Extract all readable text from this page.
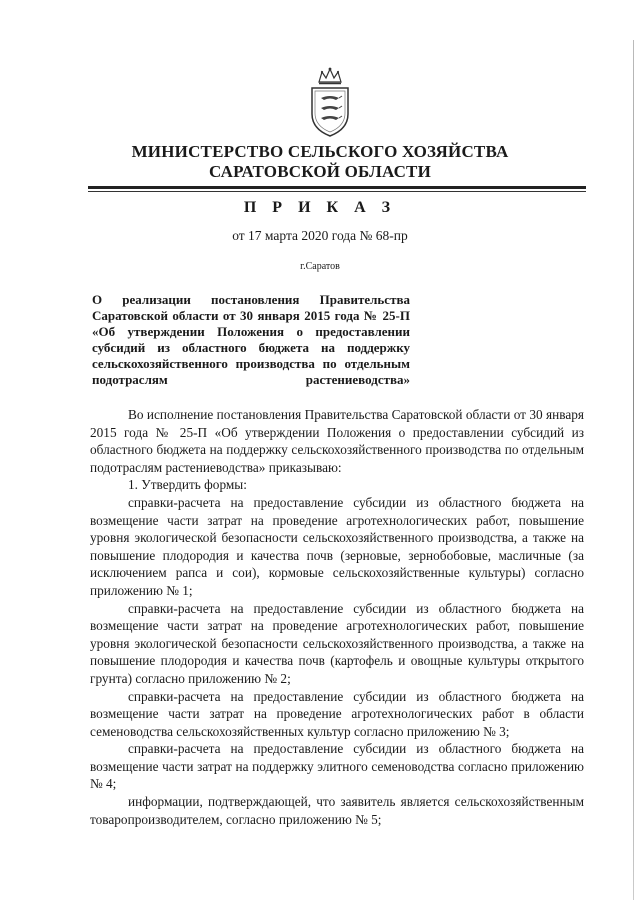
МИНИСТЕРСТВО СЕЛЬСКОГО ХОЗЯЙСТВА
САРАТОВСКОЙ ОБЛАСТИ
П Р И К А З
от 17 марта 2020 года № 68-пр
г.Саратов
О реализации постановления Правительства Саратовской области от 30 января 2015 года № 25-П «Об утверждении Положения о предоставлении субсидий из областного бюджета на поддержку сельскохозяйственного производства по отдельным подотраслям растениеводства»

Во исполнение постановления Правительства Саратовской области от 30 января 2015 года № 25-П «Об утверждении Положения о предоставлении субсидий из областного бюджета на поддержку сельскохозяйственного производства по отдельным подотраслям растениеводства» приказываю:

1. Утвердить формы:

справки-расчета на предоставление субсидии из областного бюджета на возмещение части затрат на проведение агротехнологических работ, повышение уровня экологической безопасности сельскохозяйственного производства, а также на повышение плодородия и качества почв (зерновые, зернобобовые, масличные (за исключением рапса и сои), кормовые сельскохозяйственные культуры) согласно приложению № 1;

справки-расчета на предоставление субсидии из областного бюджета на возмещение части затрат на проведение агротехнологических работ, повышение уровня экологической безопасности сельскохозяйственного производства, а также на повышение плодородия и качества почв (картофель и овощные культуры открытого грунта) согласно приложению № 2;

справки-расчета на предоставление субсидии из областного бюджета на возмещение части затрат на проведение агротехнологических работ в области семеноводства сельскохозяйственных культур согласно приложению № 3;

справки-расчета на предоставление субсидии из областного бюджета на возмещение части затрат на поддержку элитного семеноводства согласно приложению № 4;

информации, подтверждающей, что заявитель является сельскохозяйственным товаропроизводителем, согласно приложению № 5;
